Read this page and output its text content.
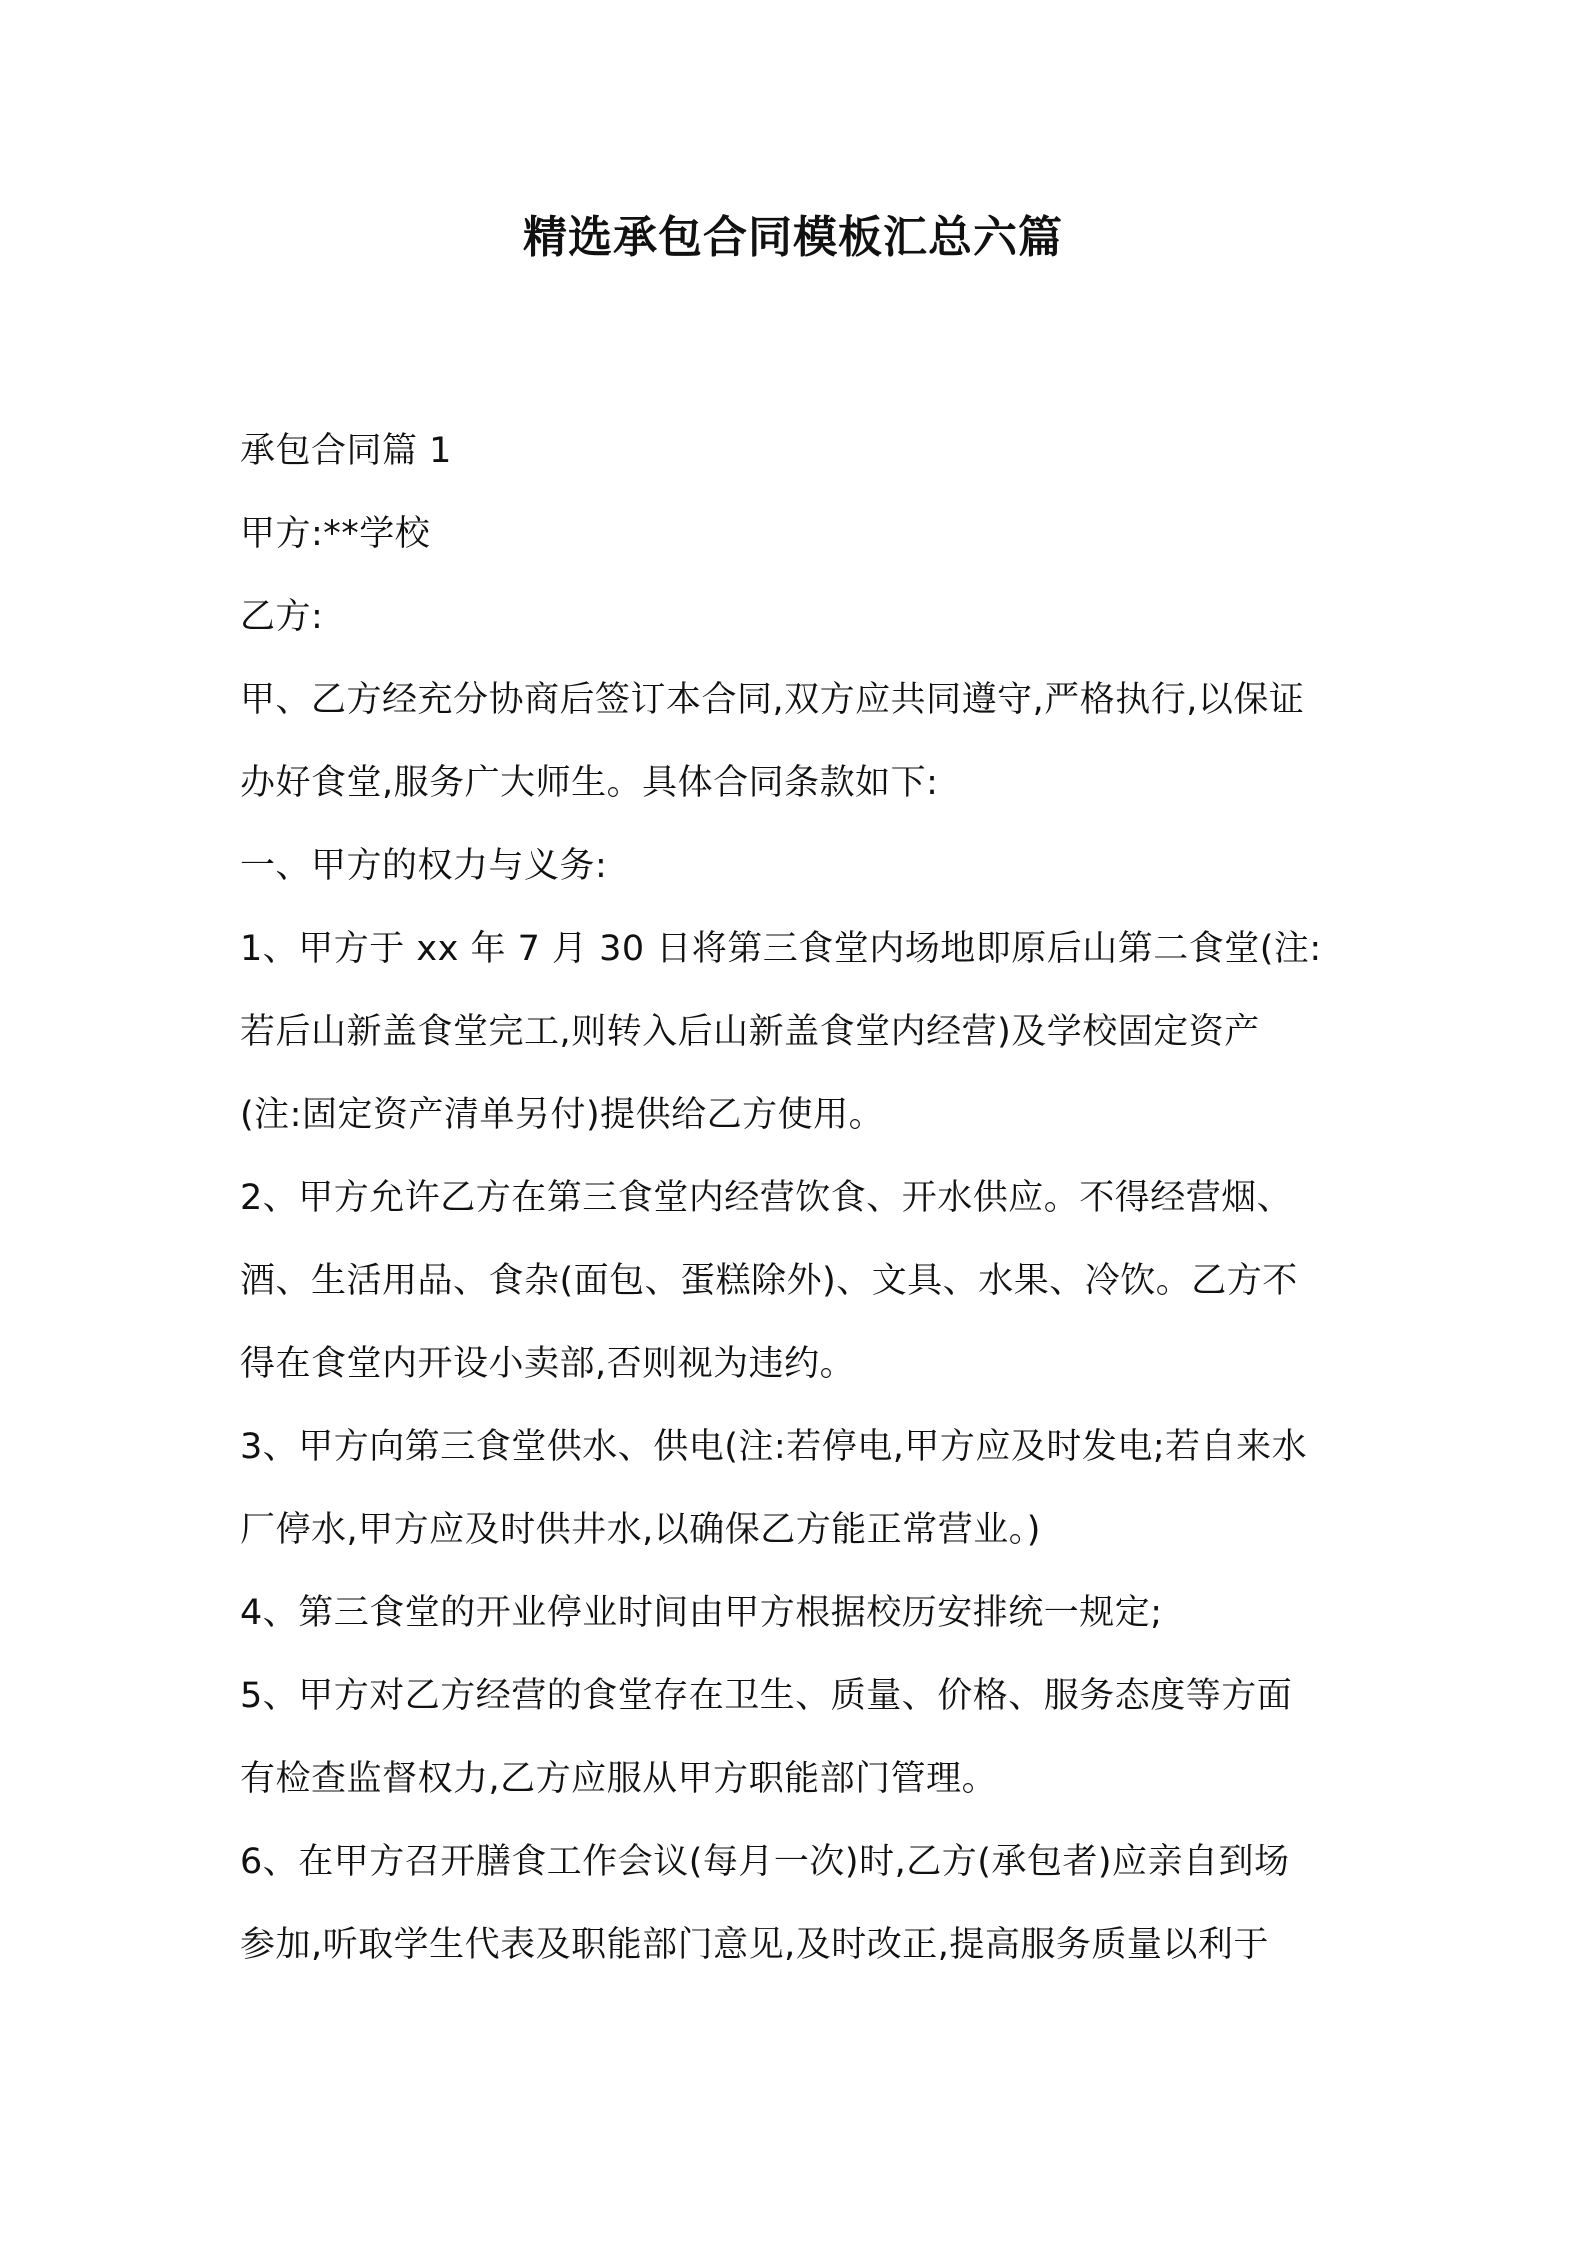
精选承包合同模板汇总六篇

承包合同篇 1

甲方:**学校

乙方:

甲、乙方经充分协商后签订本合同,双方应共同遵守,严格执行,以保证

办好食堂,服务广大师生。具体合同条款如下:

一、甲方的权力与义务:

1、甲方于 xx 年 7 月 30 日将第三食堂内场地即原后山第二食堂(注:

若后山新盖食堂完工,则转入后山新盖食堂内经营)及学校固定资产

(注:固定资产清单另付)提供给乙方使用。

2、甲方允许乙方在第三食堂内经营饮食、开水供应。不得经营烟、

酒、生活用品、食杂(面包、蛋糕除外)、文具、水果、冷饮。乙方不

得在食堂内开设小卖部,否则视为违约。

3、甲方向第三食堂供水、供电(注:若停电,甲方应及时发电;若自来水

厂停水,甲方应及时供井水,以确保乙方能正常营业。)

4、第三食堂的开业停业时间由甲方根据校历安排统一规定;

5、甲方对乙方经营的食堂存在卫生、质量、价格、服务态度等方面

有检查监督权力,乙方应服从甲方职能部门管理。

6、在甲方召开膳食工作会议(每月一次)时,乙方(承包者)应亲自到场

参加,听取学生代表及职能部门意见,及时改正,提高服务质量以利于
